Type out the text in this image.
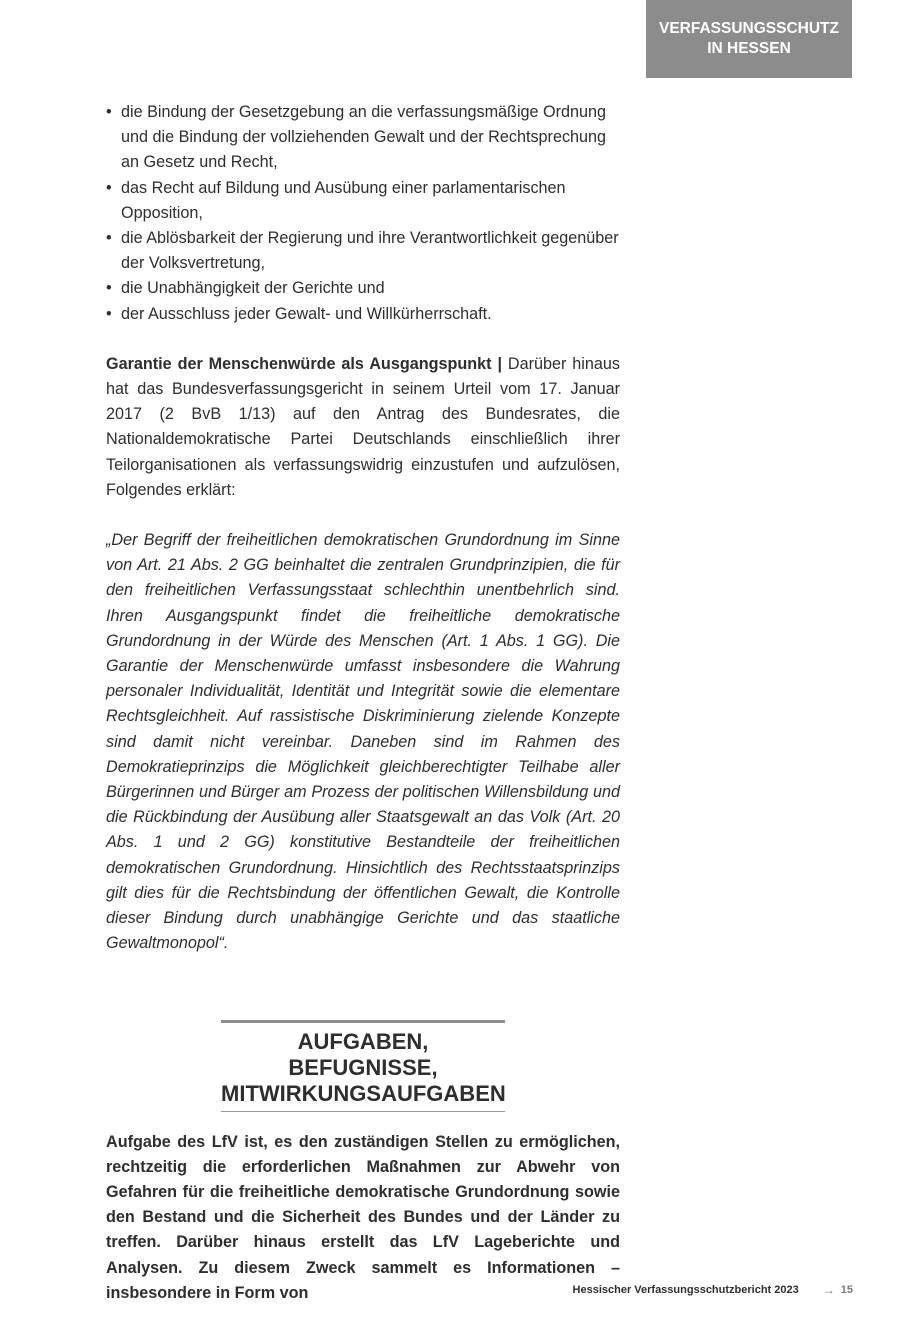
VERFASSUNGSSCHUTZ
IN HESSEN
• die Bindung der Gesetzgebung an die verfassungsmäßige Ordnung und die Bindung der vollziehenden Gewalt und der Rechtsprechung an Gesetz und Recht,
• das Recht auf Bildung und Ausübung einer parlamentarischen Opposition,
• die Ablösbarkeit der Regierung und ihre Verantwortlichkeit gegenüber der Volksvertretung,
• die Unabhängigkeit der Gerichte und
• der Ausschluss jeder Gewalt- und Willkürherrschaft.

Garantie der Menschenwürde als Ausgangspunkt | Darüber hinaus hat das Bundesverfassungsgericht in seinem Urteil vom 17. Januar 2017 (2 BvB 1/13) auf den Antrag des Bundesrates, die Nationaldemokratische Partei Deutschlands einschließlich ihrer Teilorganisationen als verfassungswidrig einzustufen und aufzulösen, Folgendes erklärt:

„Der Begriff der freiheitlichen demokratischen Grundordnung im Sinne von Art. 21 Abs. 2 GG beinhaltet die zentralen Grundprinzipien, die für den freiheitlichen Verfassungsstaat schlechthin unentbehrlich sind. Ihren Ausgangspunkt findet die freiheitliche demokratische Grundordnung in der Würde des Menschen (Art. 1 Abs. 1 GG). Die Garantie der Menschenwürde umfasst insbesondere die Wahrung personaler Individualität, Identität und Integrität sowie die elementare Rechtsgleichheit. Auf rassistische Diskriminierung zielende Konzepte sind damit nicht vereinbar. Daneben sind im Rahmen des Demokratieprinzips die Möglichkeit gleichberechtigter Teilhabe aller Bürgerinnen und Bürger am Prozess der politischen Willensbildung und die Rückbindung der Ausübung aller Staatsgewalt an das Volk (Art. 20 Abs. 1 und 2 GG) konstitutive Bestandteile der freiheitlichen demokratischen Grundordnung. Hinsichtlich des Rechtsstaatsprinzips gilt dies für die Rechtsbindung der öffentlichen Gewalt, die Kontrolle dieser Bindung durch unabhängige Gerichte und das staatliche Gewaltmonopol“.

AUFGABEN, BEFUGNISSE,
MITWIRKUNGSAUFGABEN

Aufgabe des LfV ist, es den zuständigen Stellen zu ermöglichen, rechtzeitig die erforderlichen Maßnahmen zur Abwehr von Gefahren für die freiheitliche demokratische Grundordnung sowie den Bestand und die Sicherheit des Bundes und der Länder zu treffen. Darüber hinaus erstellt das LfV Lageberichte und Analysen. Zu diesem Zweck sammelt es Informationen – insbesondere in Form von	Hessischer Verfassungsschutzbericht 2023 → 15
